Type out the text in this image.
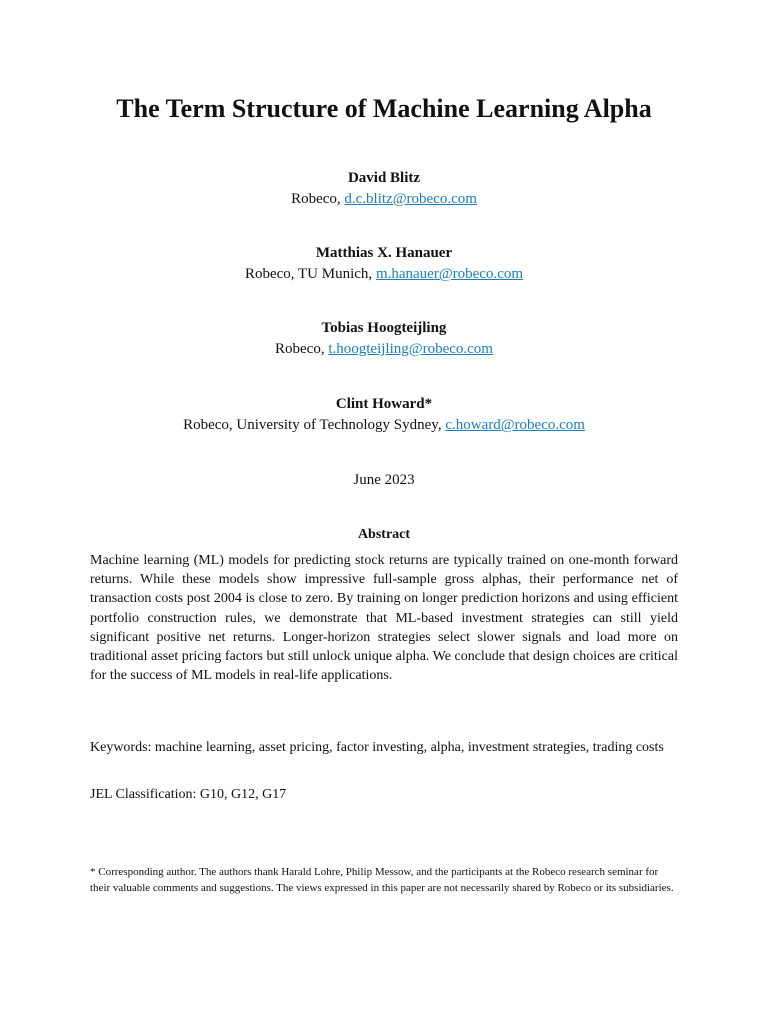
The Term Structure of Machine Learning Alpha
David Blitz
Robeco, d.c.blitz@robeco.com
Matthias X. Hanauer
Robeco, TU Munich, m.hanauer@robeco.com
Tobias Hoogteijling
Robeco, t.hoogteijling@robeco.com
Clint Howard*
Robeco, University of Technology Sydney, c.howard@robeco.com
June 2023
Abstract
Machine learning (ML) models for predicting stock returns are typically trained on one-month forward returns. While these models show impressive full-sample gross alphas, their performance net of transaction costs post 2004 is close to zero. By training on longer prediction horizons and using efficient portfolio construction rules, we demonstrate that ML-based investment strategies can still yield significant positive net returns. Longer-horizon strategies select slower signals and load more on traditional asset pricing factors but still unlock unique alpha. We conclude that design choices are critical for the success of ML models in real-life applications.
Keywords: machine learning, asset pricing, factor investing, alpha, investment strategies, trading costs
JEL Classification: G10, G12, G17
* Corresponding author. The authors thank Harald Lohre, Philip Messow, and the participants at the Robeco research seminar for their valuable comments and suggestions. The views expressed in this paper are not necessarily shared by Robeco or its subsidiaries.
